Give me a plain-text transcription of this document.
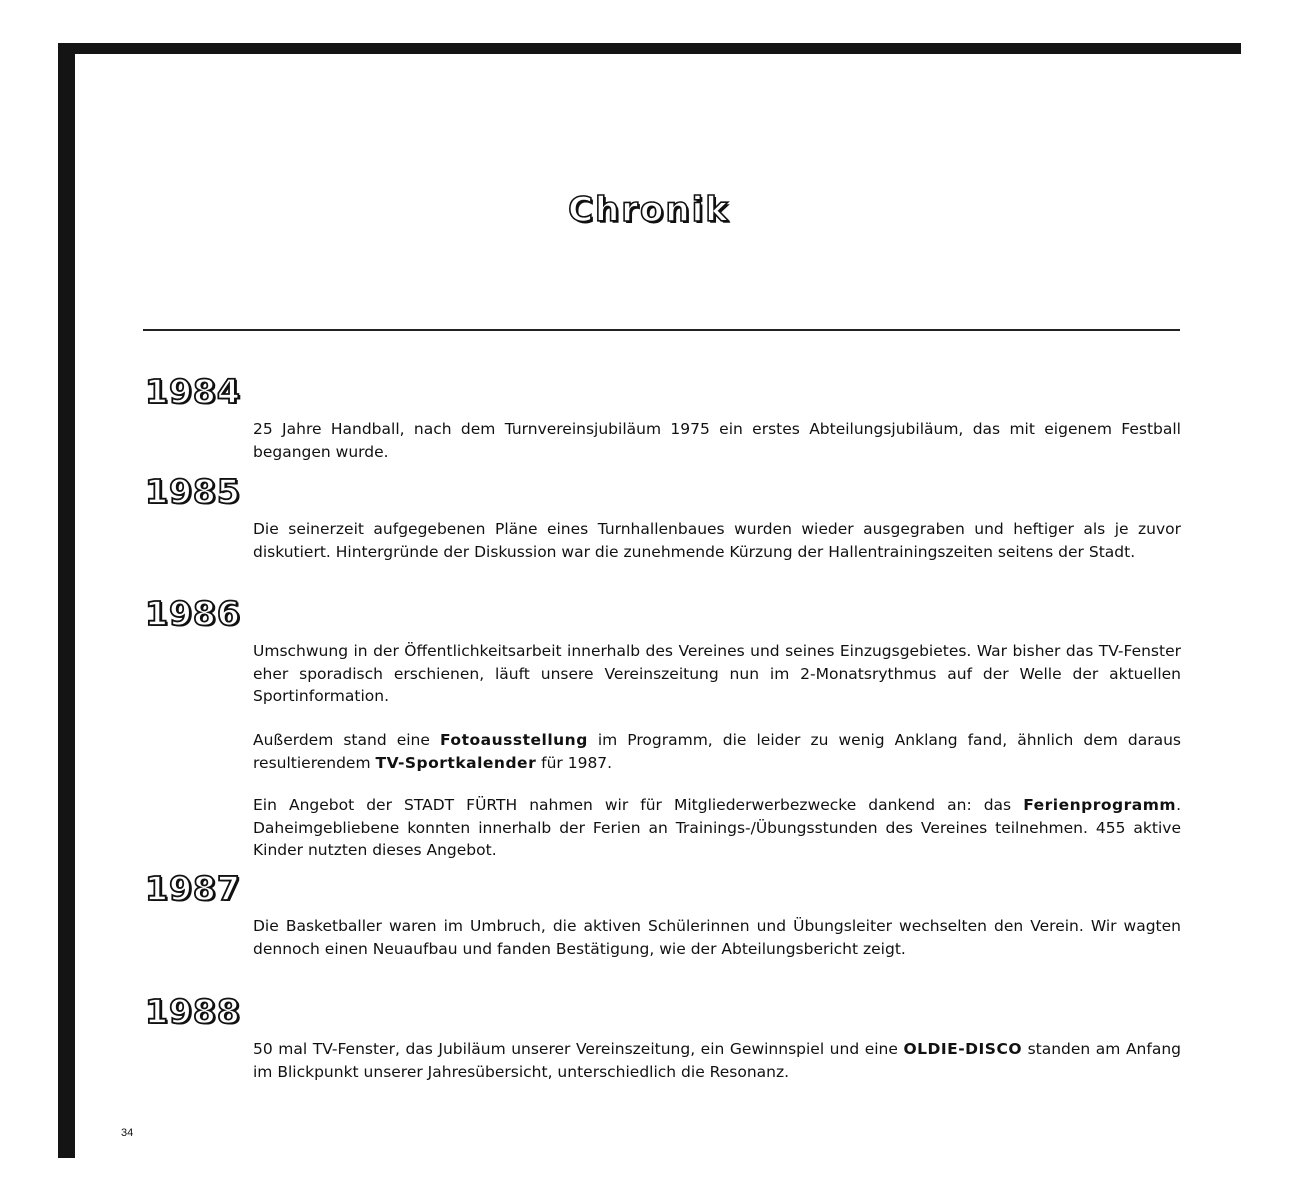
Chronik
1984

25 Jahre Handball, nach dem Turnvereinsjubiläum 1975 ein erstes Abteilungsjubiläum, das mit eigenem Festball begangen wurde.

1985

Die seinerzeit aufgegebenen Pläne eines Turnhallenbaues wurden wieder ausgegraben und heftiger als je zuvor diskutiert. Hintergründe der Diskussion war die zunehmende Kürzung der Hallentrainingszeiten seitens der Stadt.

1986

Umschwung in der Öffentlichkeitsarbeit innerhalb des Vereines und seines Einzugsgebietes. War bisher das TV-Fenster eher sporadisch erschienen, läuft unsere Vereinszeitung nun im 2-Monatsrythmus auf der Welle der aktuellen Sportinformation.

Außerdem stand eine Fotoausstellung im Programm, die leider zu wenig Anklang fand, ähnlich dem daraus resultierendem TV-Sportkalender für 1987.

Ein Angebot der STADT FÜRTH nahmen wir für Mitgliederwerbezwecke dankend an: das Ferienprogramm. Daheimgebliebene konnten innerhalb der Ferien an Trainings-/Übungsstunden des Vereines teilnehmen. 455 aktive Kinder nutzten dieses Angebot.

1987

Die Basketballer waren im Umbruch, die aktiven Schülerinnen und Übungsleiter wechselten den Verein. Wir wagten dennoch einen Neuaufbau und fanden Bestätigung, wie der Abteilungsbericht zeigt.

1988

50 mal TV-Fenster, das Jubiläum unserer Vereinszeitung, ein Gewinnspiel und eine OLDIE-DISCO standen am Anfang im Blickpunkt unserer Jahresübersicht, unterschiedlich die Resonanz.

34
